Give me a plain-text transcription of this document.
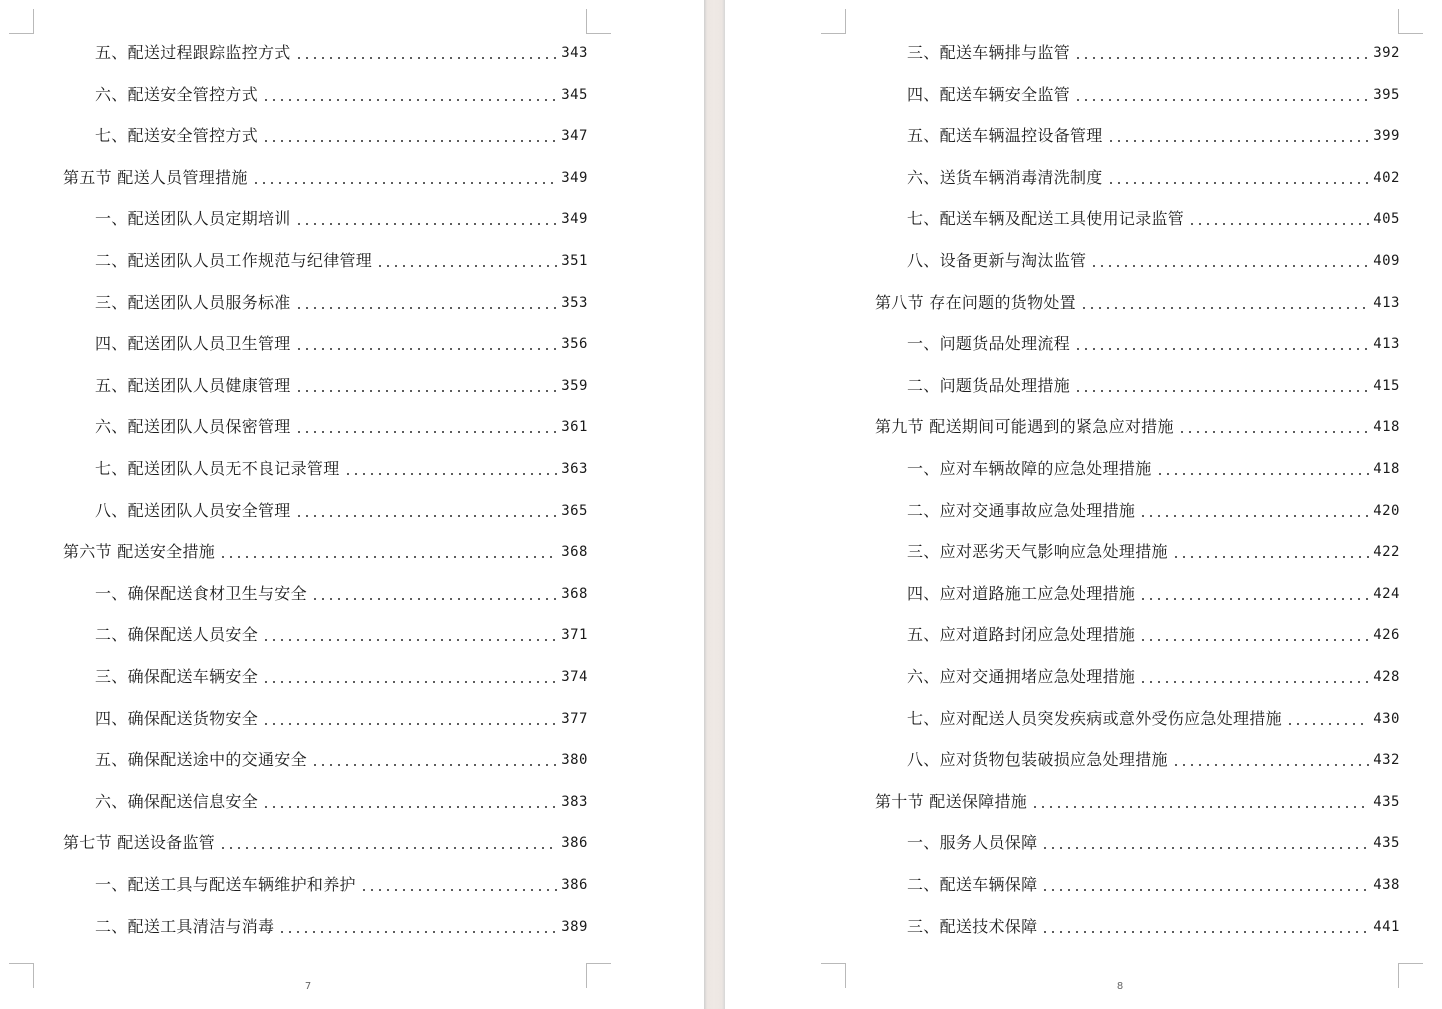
五、配送过程跟踪监控方式	343
六、配送安全管控方式	345
七、配送安全管控方式	347
第五节 配送人员管理措施	349
一、配送团队人员定期培训	349
二、配送团队人员工作规范与纪律管理	351
三、配送团队人员服务标准	353
四、配送团队人员卫生管理	356
五、配送团队人员健康管理	359
六、配送团队人员保密管理	361
七、配送团队人员无不良记录管理	363
八、配送团队人员安全管理	365
第六节 配送安全措施	368
一、确保配送食材卫生与安全	368
二、确保配送人员安全	371
三、确保配送车辆安全	374
四、确保配送货物安全	377
五、确保配送途中的交通安全	380
六、确保配送信息安全	383
第七节 配送设备监管	386
一、配送工具与配送车辆维护和养护	386
二、配送工具清洁与消毒	389
7
三、配送车辆排与监管	392
四、配送车辆安全监管	395
五、配送车辆温控设备管理	399
六、送货车辆消毒清洗制度	402
七、配送车辆及配送工具使用记录监管	405
八、设备更新与淘汰监管	409
第八节 存在问题的货物处置	413
一、问题货品处理流程	413
二、问题货品处理措施	415
第九节 配送期间可能遇到的紧急应对措施	418
一、应对车辆故障的应急处理措施	418
二、应对交通事故应急处理措施	420
三、应对恶劣天气影响应急处理措施	422
四、应对道路施工应急处理措施	424
五、应对道路封闭应急处理措施	426
六、应对交通拥堵应急处理措施	428
七、应对配送人员突发疾病或意外受伤应急处理措施	430
八、应对货物包装破损应急处理措施	432
第十节 配送保障措施	435
一、服务人员保障	435
二、配送车辆保障	438
三、配送技术保障	441
8
